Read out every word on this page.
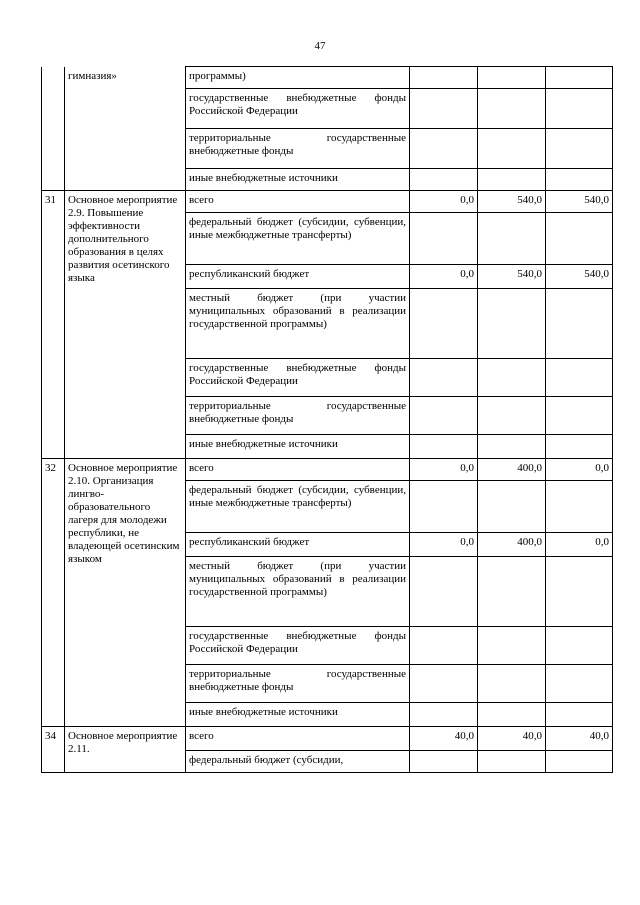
47
	гимназия»	программы)			
		государственные внебюджетные фонды Российской Федерации			
		территориальные государственные внебюджетные фонды			
		иные внебюджетные источники			
31	Основное мероприятие 2.9. Повышение эффективности дополнительного образования в целях развития осетинского языка	всего	0,0	540,0	540,0
		федеральный бюджет (субсидии, субвенции, иные межбюджетные трансферты)			
		республиканский бюджет	0,0	540,0	540,0
		местный бюджет (при участии муниципальных образований в реализации государственной программы)			
		государственные внебюджетные фонды Российской Федерации			
		территориальные государственные внебюджетные фонды			
		иные внебюджетные источники			
32	Основное мероприятие 2.10. Организация лингво-образовательного лагеря для молодежи республики, не владеющей осетинским языком	всего	0,0	400,0	0,0
		федеральный бюджет (субсидии, субвенции, иные межбюджетные трансферты)			
		республиканский бюджет	0,0	400,0	0,0
		местный бюджет (при участии муниципальных образований в реализации государственной программы)			
		государственные внебюджетные фонды Российской Федерации			
		территориальные государственные внебюджетные фонды			
		иные внебюджетные источники			
34	Основное мероприятие 2.11.	всего	40,0	40,0	40,0
		федеральный бюджет (субсидии,			
